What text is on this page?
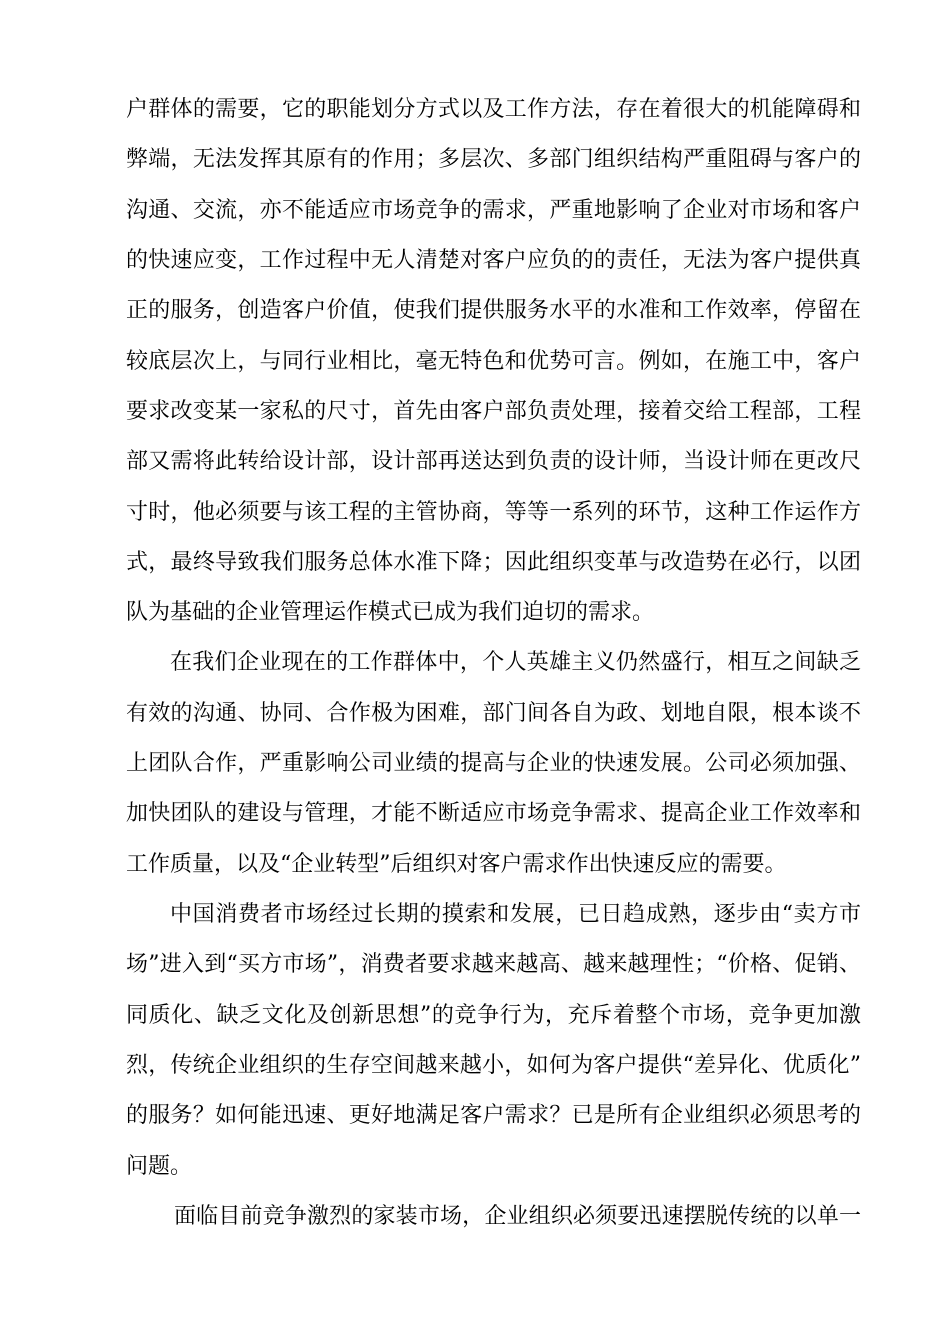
户群体的需要，它的职能划分方式以及工作方法，存在着很大的机能障碍和
弊端，无法发挥其原有的作用；多层次、多部门组织结构严重阻碍与客户的
沟通、交流，亦不能适应市场竞争的需求，严重地影响了企业对市场和客户
的快速应变，工作过程中无人清楚对客户应负的的责任，无法为客户提供真
正的服务，创造客户价值，使我们提供服务水平的水准和工作效率，停留在
较底层次上，与同行业相比，毫无特色和优势可言。例如，在施工中，客户
要求改变某一家私的尺寸，首先由客户部负责处理，接着交给工程部，工程
部又需将此转给设计部，设计部再送达到负责的设计师，当设计师在更改尺
寸时，他必须要与该工程的主管协商，等等一系列的环节，这种工作运作方
式，最终导致我们服务总体水准下降；因此组织变革与改造势在必行，以团
队为基础的企业管理运作模式已成为我们迫切的需求。
在我们企业现在的工作群体中，个人英雄主义仍然盛行，相互之间缺乏
有效的沟通、协同、合作极为困难，部门间各自为政、划地自限，根本谈不
上团队合作，严重影响公司业绩的提高与企业的快速发展。公司必须加强、
加快团队的建设与管理，才能不断适应市场竞争需求、提高企业工作效率和
工作质量，以及“企业转型”后组织对客户需求作出快速反应的需要。
中国消费者市场经过长期的摸索和发展，已日趋成熟，逐步由“卖方市
场”进入到“买方市场”，消费者要求越来越高、越来越理性；“价格、促销、
同质化、缺乏文化及创新思想”的竞争行为，充斥着整个市场，竞争更加激
烈，传统企业组织的生存空间越来越小，如何为客户提供“差异化、优质化”
的服务？如何能迅速、更好地满足客户需求？已是所有企业组织必须思考的
问题。
面临目前竞争激烈的家装市场，企业组织必须要迅速摆脱传统的以单一
